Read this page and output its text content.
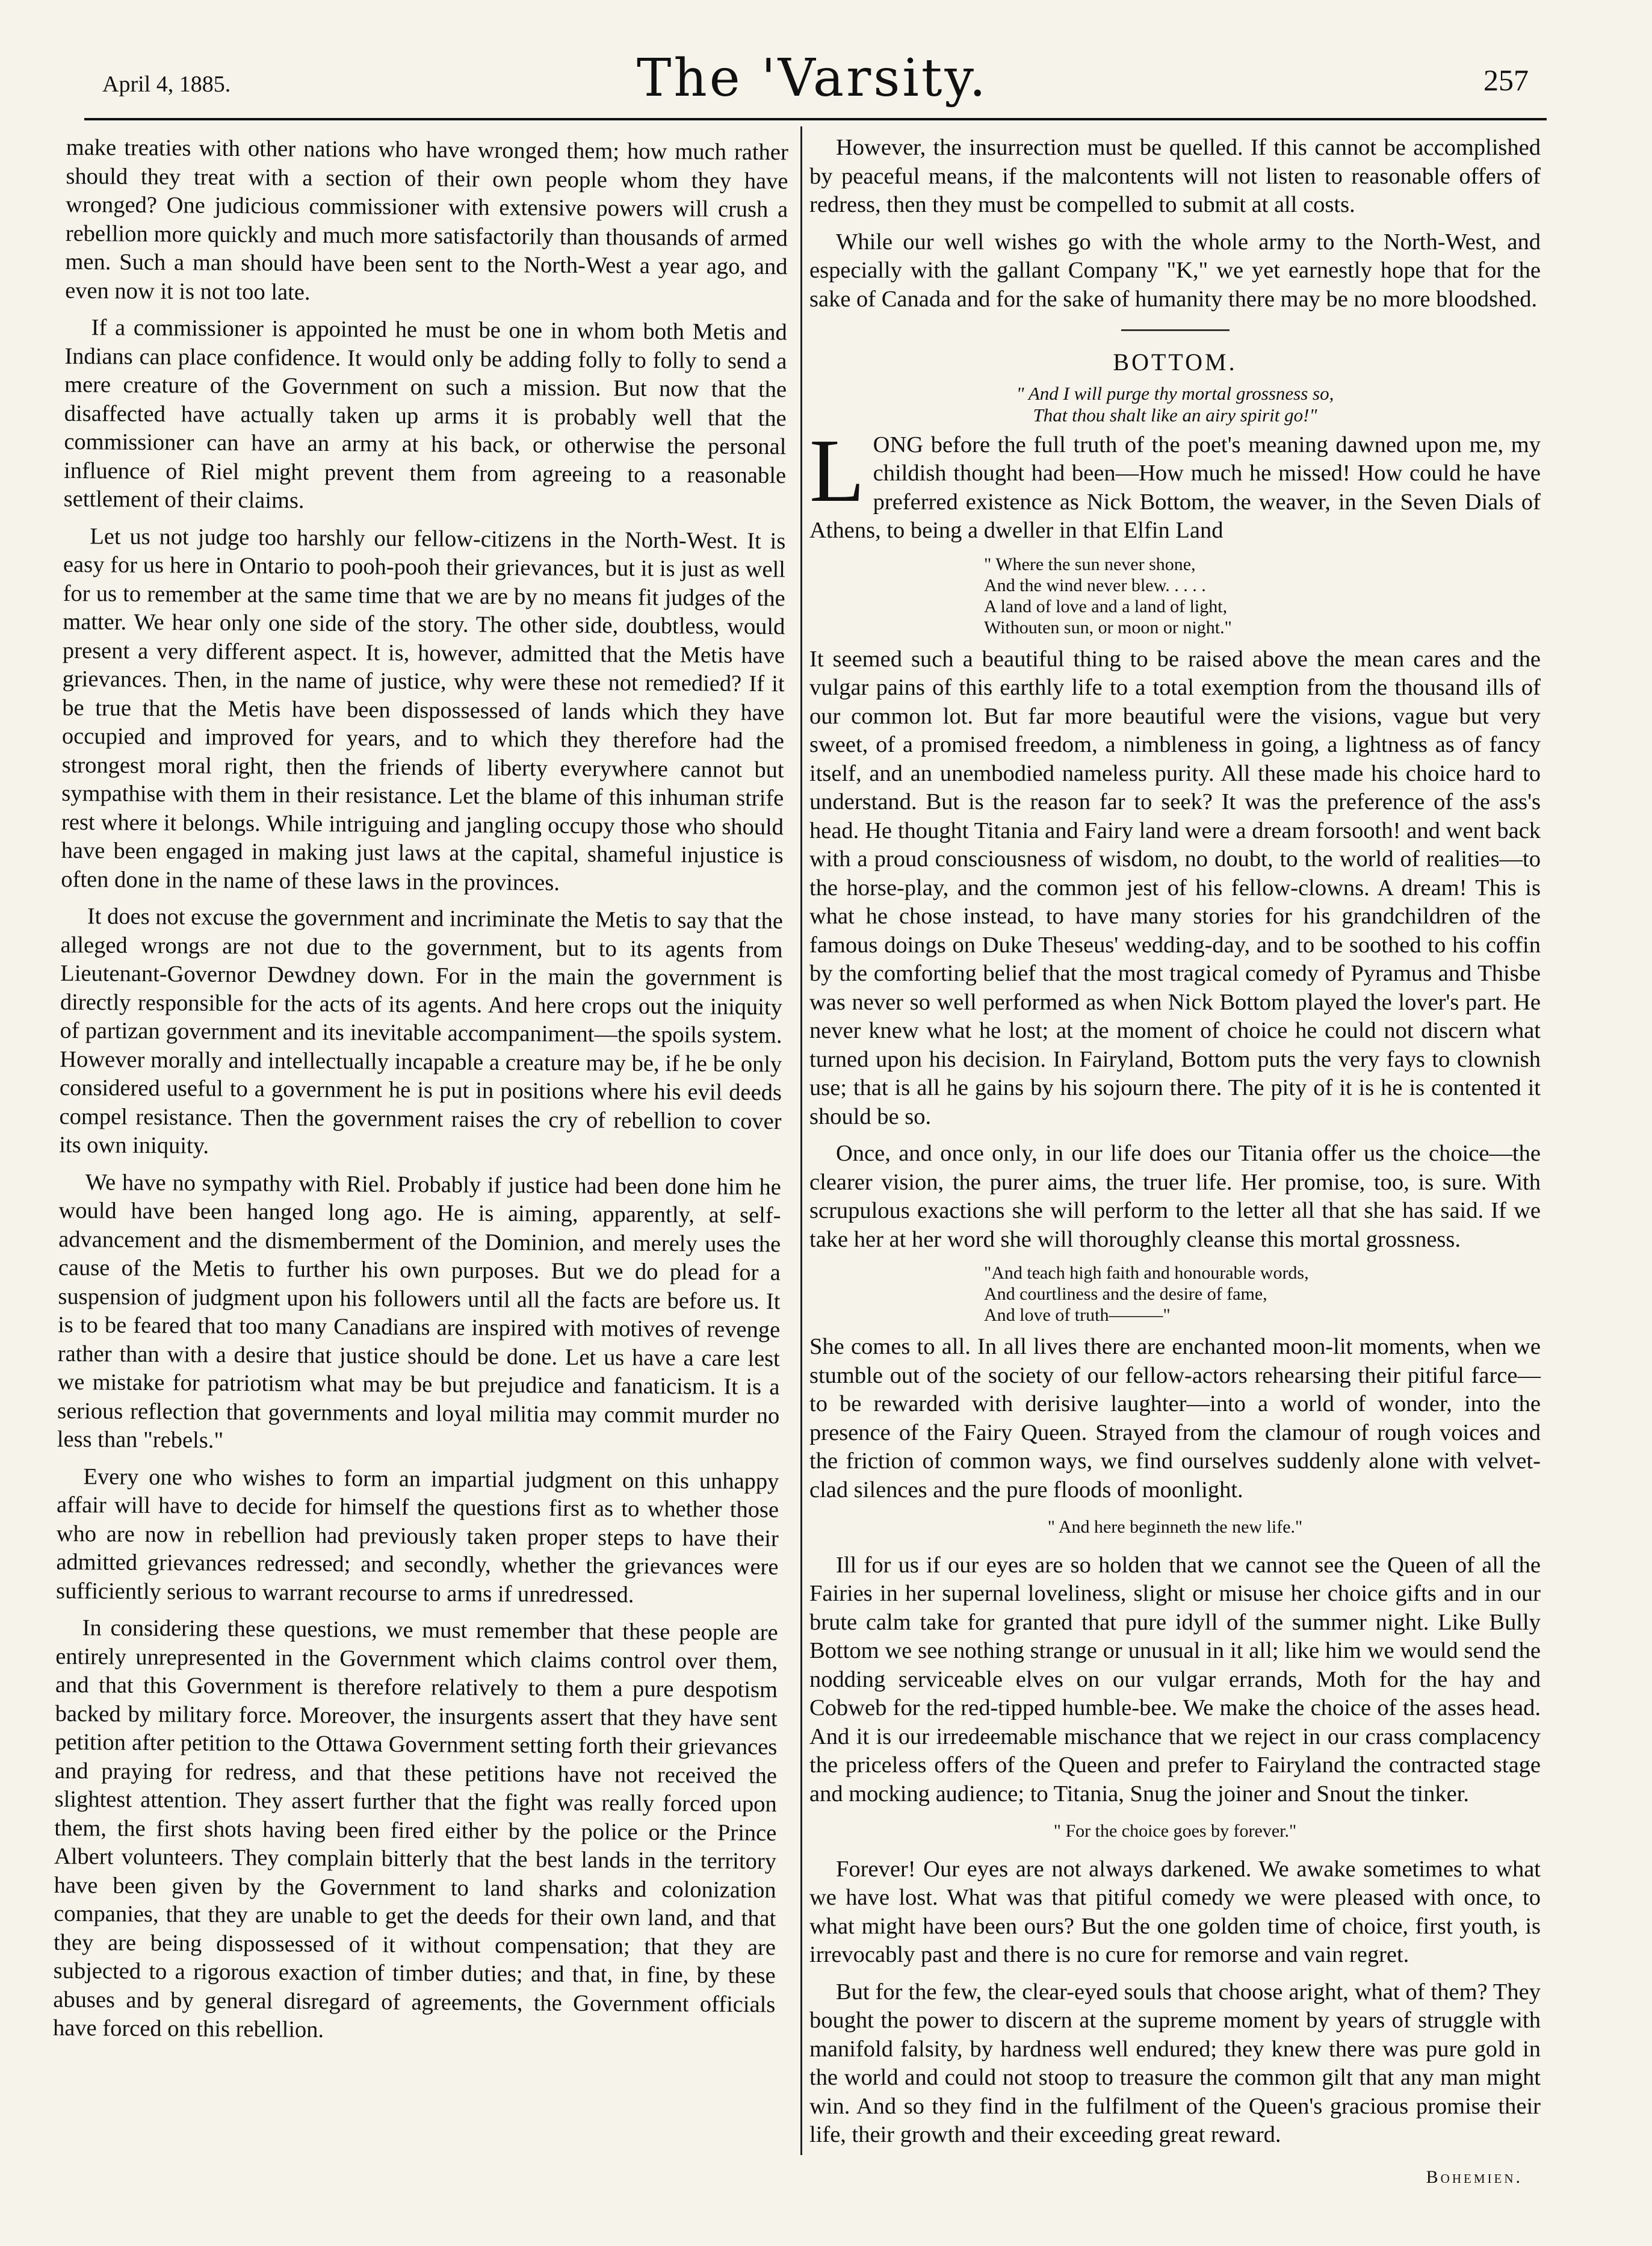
April 4, 1885.	The 'Varsity.	257

make treaties with other nations who have wronged them; how much rather should they treat with a section of their own people whom they have wronged? One judicious commissioner with extensive powers will crush a rebellion more quickly and much more satisfactorily than thousands of armed men. Such a man should have been sent to the North-West a year ago, and even now it is not too late.

If a commissioner is appointed he must be one in whom both Metis and Indians can place confidence. It would only be adding folly to folly to send a mere creature of the Government on such a mission. But now that the disaffected have actually taken up arms it is probably well that the commissioner can have an army at his back, or otherwise the personal influence of Riel might prevent them from agreeing to a reasonable settlement of their claims.

Let us not judge too harshly our fellow-citizens in the North-West. It is easy for us here in Ontario to pooh-pooh their grievances, but it is just as well for us to remember at the same time that we are by no means fit judges of the matter. We hear only one side of the story. The other side, doubtless, would present a very different aspect. It is, however, admitted that the Metis have grievances. Then, in the name of justice, why were these not remedied? If it be true that the Metis have been dispossessed of lands which they have occupied and improved for years, and to which they therefore had the strongest moral right, then the friends of liberty everywhere cannot but sympathise with them in their resistance. Let the blame of this inhuman strife rest where it belongs. While intriguing and jangling occupy those who should have been engaged in making just laws at the capital, shameful injustice is often done in the name of these laws in the provinces.

It does not excuse the government and incriminate the Metis to say that the alleged wrongs are not due to the government, but to its agents from Lieutenant-Governor Dewdney down. For in the main the government is directly responsible for the acts of its agents. And here crops out the iniquity of partizan government and its inevitable accompaniment—the spoils system. However morally and intellectually incapable a creature may be, if he be only considered useful to a government he is put in positions where his evil deeds compel resistance. Then the government raises the cry of rebellion to cover its own iniquity.

We have no sympathy with Riel. Probably if justice had been done him he would have been hanged long ago. He is aiming, apparently, at self-advancement and the dismemberment of the Dominion, and merely uses the cause of the Metis to further his own purposes. But we do plead for a suspension of judgment upon his followers until all the facts are before us. It is to be feared that too many Canadians are inspired with motives of revenge rather than with a desire that justice should be done. Let us have a care lest we mistake for patriotism what may be but prejudice and fanaticism. It is a serious reflection that governments and loyal militia may commit murder no less than "rebels."

Every one who wishes to form an impartial judgment on this unhappy affair will have to decide for himself the questions first as to whether those who are now in rebellion had previously taken proper steps to have their admitted grievances redressed; and secondly, whether the grievances were sufficiently serious to warrant recourse to arms if unredressed.

In considering these questions, we must remember that these people are entirely unrepresented in the Government which claims control over them, and that this Government is therefore relatively to them a pure despotism backed by military force. Moreover, the insurgents assert that they have sent petition after petition to the Ottawa Government setting forth their grievances and praying for redress, and that these petitions have not received the slightest attention. They assert further that the fight was really forced upon them, the first shots having been fired either by the police or the Prince Albert volunteers. They complain bitterly that the best lands in the territory have been given by the Government to land sharks and colonization companies, that they are unable to get the deeds for their own land, and that they are being dispossessed of it without compensation; that they are subjected to a rigorous exaction of timber duties; and that, in fine, by these abuses and by general disregard of agreements, the Government officials have forced on this rebellion.

However, the insurrection must be quelled. If this cannot be accomplished by peaceful means, if the malcontents will not listen to reasonable offers of redress, then they must be compelled to submit at all costs.

While our well wishes go with the whole army to the North-West, and especially with the gallant Company "K," we yet earnestly hope that for the sake of Canada and for the sake of humanity there may be no more bloodshed.

BOTTOM.
" And I will purge thy mortal grossness so,
That thou shalt like an airy spirit go!"
L ONG before the full truth of the poet's meaning dawned upon me, my childish thought had been—How much he missed! How could he have preferred existence as Nick Bottom, the weaver, in the Seven Dials of Athens, to being a dweller in that Elfin Land

" Where the sun never shone,
And the wind never blew. . . . .
A land of love and a land of light,
Withouten sun, or moon or night."

It seemed such a beautiful thing to be raised above the mean cares and the vulgar pains of this earthly life to a total exemption from the thousand ills of our common lot. But far more beautiful were the visions, vague but very sweet, of a promised freedom, a nimbleness in going, a lightness as of fancy itself, and an unembodied nameless purity. All these made his choice hard to understand. But is the reason far to seek? It was the preference of the ass's head. He thought Titania and Fairy land were a dream forsooth! and went back with a proud consciousness of wisdom, no doubt, to the world of realities—to the horse-play, and the common jest of his fellow-clowns. A dream! This is what he chose instead, to have many stories for his grandchildren of the famous doings on Duke Theseus' wedding-day, and to be soothed to his coffin by the comforting belief that the most tragical comedy of Pyramus and Thisbe was never so well performed as when Nick Bottom played the lover's part. He never knew what he lost; at the moment of choice he could not discern what turned upon his decision. In Fairyland, Bottom puts the very fays to clownish use; that is all he gains by his sojourn there. The pity of it is he is contented it should be so.

Once, and once only, in our life does our Titania offer us the choice—the clearer vision, the purer aims, the truer life. Her promise, too, is sure. With scrupulous exactions she will perform to the letter all that she has said. If we take her at her word she will thoroughly cleanse this mortal grossness.

"And teach high faith and honourable words,
And courtliness and the desire of fame,
And love of truth———"

She comes to all. In all lives there are enchanted moon-lit moments, when we stumble out of the society of our fellow-actors rehearsing their pitiful farce—to be rewarded with derisive laughter—into a world of wonder, into the presence of the Fairy Queen. Strayed from the clamour of rough voices and the friction of common ways, we find ourselves suddenly alone with velvet-clad silences and the pure floods of moonlight.

" And here beginneth the new life."

Ill for us if our eyes are so holden that we cannot see the Queen of all the Fairies in her supernal loveliness, slight or misuse her choice gifts and in our brute calm take for granted that pure idyll of the summer night. Like Bully Bottom we see nothing strange or unusual in it all; like him we would send the nodding serviceable elves on our vulgar errands, Moth for the hay and Cobweb for the red-tipped humble-bee. We make the choice of the asses head. And it is our irredeemable mischance that we reject in our crass complacency the priceless offers of the Queen and prefer to Fairyland the contracted stage and mocking audience; to Titania, Snug the joiner and Snout the tinker.

" For the choice goes by forever."

Forever! Our eyes are not always darkened. We awake sometimes to what we have lost. What was that pitiful comedy we were pleased with once, to what might have been ours? But the one golden time of choice, first youth, is irrevocably past and there is no cure for remorse and vain regret.

But for the few, the clear-eyed souls that choose aright, what of them? They bought the power to discern at the supreme moment by years of struggle with manifold falsity, by hardness well endured; they knew there was pure gold in the world and could not stoop to treasure the common gilt that any man might win. And so they find in the fulfilment of the Queen's gracious promise their life, their growth and their exceeding great reward.

Bohemien.
